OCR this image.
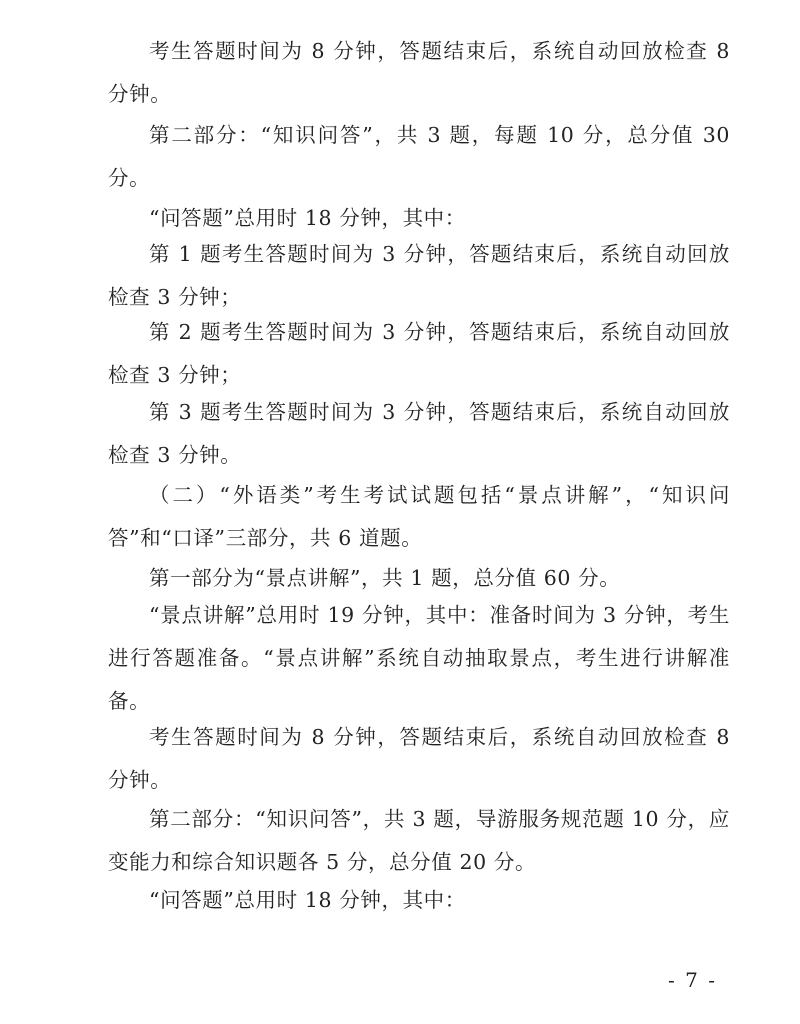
考生答题时间为 8 分钟，答题结束后，系统自动回放检查 8 分钟。

第二部分：“知识问答”，共 3 题，每题 10 分，总分值 30 分。

“问答题”总用时 18 分钟，其中：

第 1 题考生答题时间为 3 分钟，答题结束后，系统自动回放检查 3 分钟；

第 2 题考生答题时间为 3 分钟，答题结束后，系统自动回放检查 3 分钟；

第 3 题考生答题时间为 3 分钟，答题结束后，系统自动回放检查 3 分钟。

（二）“外语类”考生考试试题包括“景点讲解”，“知识问答”和“口译”三部分，共 6 道题。

第一部分为“景点讲解”，共 1 题，总分值 60 分。

“景点讲解”总用时 19 分钟，其中：准备时间为 3 分钟，考生进行答题准备。“景点讲解”系统自动抽取景点，考生进行讲解准备。

考生答题时间为 8 分钟，答题结束后，系统自动回放检查 8 分钟。

第二部分：“知识问答”，共 3 题，导游服务规范题 10 分，应变能力和综合知识题各 5 分，总分值 20 分。

“问答题”总用时 18 分钟，其中：

- 7 -
